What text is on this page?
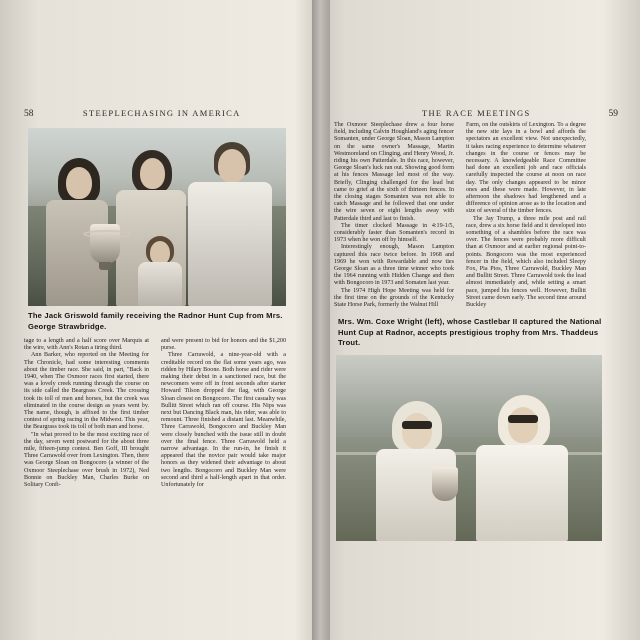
58	STEEPLECHASING IN AMERICA
The Jack Griswold family receiving the Radnor Hunt Cup from Mrs. George Strawbridge.

tage to a length and a half score over Marquis at the wire, with Ann's Rotan a tiring third.

Ann Barker, who reported on the Meeting for The Chronicle, had some interesting comments about the timber race. She said, in part, "Back in 1940, when The Oxmoor races first started, there was a lovely creek running through the course on its side called the Beargrass Creek. The crossing took its toll of men and horses, but the creek was eliminated in the course design as years went by. The name, though, is affixed to the first timber contest of spring racing in the Midwest. This year, the Beargrass took its toll of both man and horse.

"In what proved to be the most exciting race of the day, seven went postward for the about three mile, fifteen-jump contest. Ben Goff, III brought Three Carrawold over from Lexington. Then, there was George Sloan on Bongocoro (a winner of the Oxmoor Steeplechase over brush in 1972), Ned Bonnie on Buckley Man, Charles Burke on Solitary Confi-

and were present to bid for honors and the $1,200 purse.

Three Carrawold, a nine-year-old with a creditable record on the flat some years ago, was ridden by Hilary Boone. Both horse and rider were making their debut in a sanctioned race, but the newcomers were off in front seconds after starter Howard Tilson dropped the flag, with George Sloan closest on Bongocoro. The first casualty was Bullitt Street which ran off course. His Nips was next but Dancing Black man, his rider, was able to remount. Three finished a distant last. Meanwhile, Three Carrawold, Bongocoro and Buckley Man were closely bunched with the issue still in doubt over the final fence. Three Carrawold held a narrow advantage. In the run-in, he finish it appeared that the novice pair would take major honors as they widened their advantage to about two lengths. Bongocoro and Buckley Man were second and third a half-length apart in that order. Unfortunately for

THE RACE MEETINGS	59

The Oxmoor Steeplechase drew a four horse field, including Calvin Houghland's aging fencer Somanten, under George Sloan, Mason Lampton on the same owner's Massage, Martin Westmoreland on Clinging, and Henry Wood, Jr. riding his own Patterdale. In this race, however, George Sloan's luck ran out. Showing good form at his fences Massage led most of the way. Briefly, Clinging challenged for the lead but came to grief at the sixth of thirteen fences. In the closing stages Somanten was not able to catch Massage and he followed that one under the wire seven or eight lengths away with Patterdale third and last to finish.

The timer clocked Massage in 4:19-1/5, considerably faster than Somanten's record in 1973 when he won off by himself.

Interestingly enough, Mason Lampton captured this race twice before. In 1968 and 1969 he won with Rewardable and now ties George Sloan as a three time winner who took the 1964 running with Hidden Change and then with Bongocoro in 1973 and Somaten last year.

The 1974 High Hope Meeting was held for the first time on the grounds of the Kentucky State Horse Park, formerly the Walnut Hill

Farm, on the outskirts of Lexington. To a degree the new site lays in a bowl and affords the spectators an excellent view. Not unexpectedly, it takes racing experience to determine whatever changes in the course or fences may be necessary. A knowledgeable Race Committee had done an excellent job and race officials carefully inspected the course at noon on race day. The only changes appeared to be minor ones and these were made. However, in late afternoon the shadows had lengthened and a difference of opinion arose as to the location and size of several of the timber fences.

The Jay Trump, a three mile post and rail race, drew a six horse field and it developed into something of a shambles before the race was over. The fences were probably more difficult than at Oxmoor and at earlier regional point-to-points. Bongocoro was the most experienced fencer in the field, which also included Sleepy Fox, Pia Pios, Three Carrawold, Buckley Man and Bullitt Street. Three Carrawold took the lead almost immediately and, while setting a smart pace, jumped his fences well. However, Bullitt Street came down early. The second time around Buckley

Mrs. Wm. Coxe Wright (left), whose Castlebar II captured the National Hunt Cup at Radnor, accepts prestigious trophy from Mrs. Thaddeus Trout.
